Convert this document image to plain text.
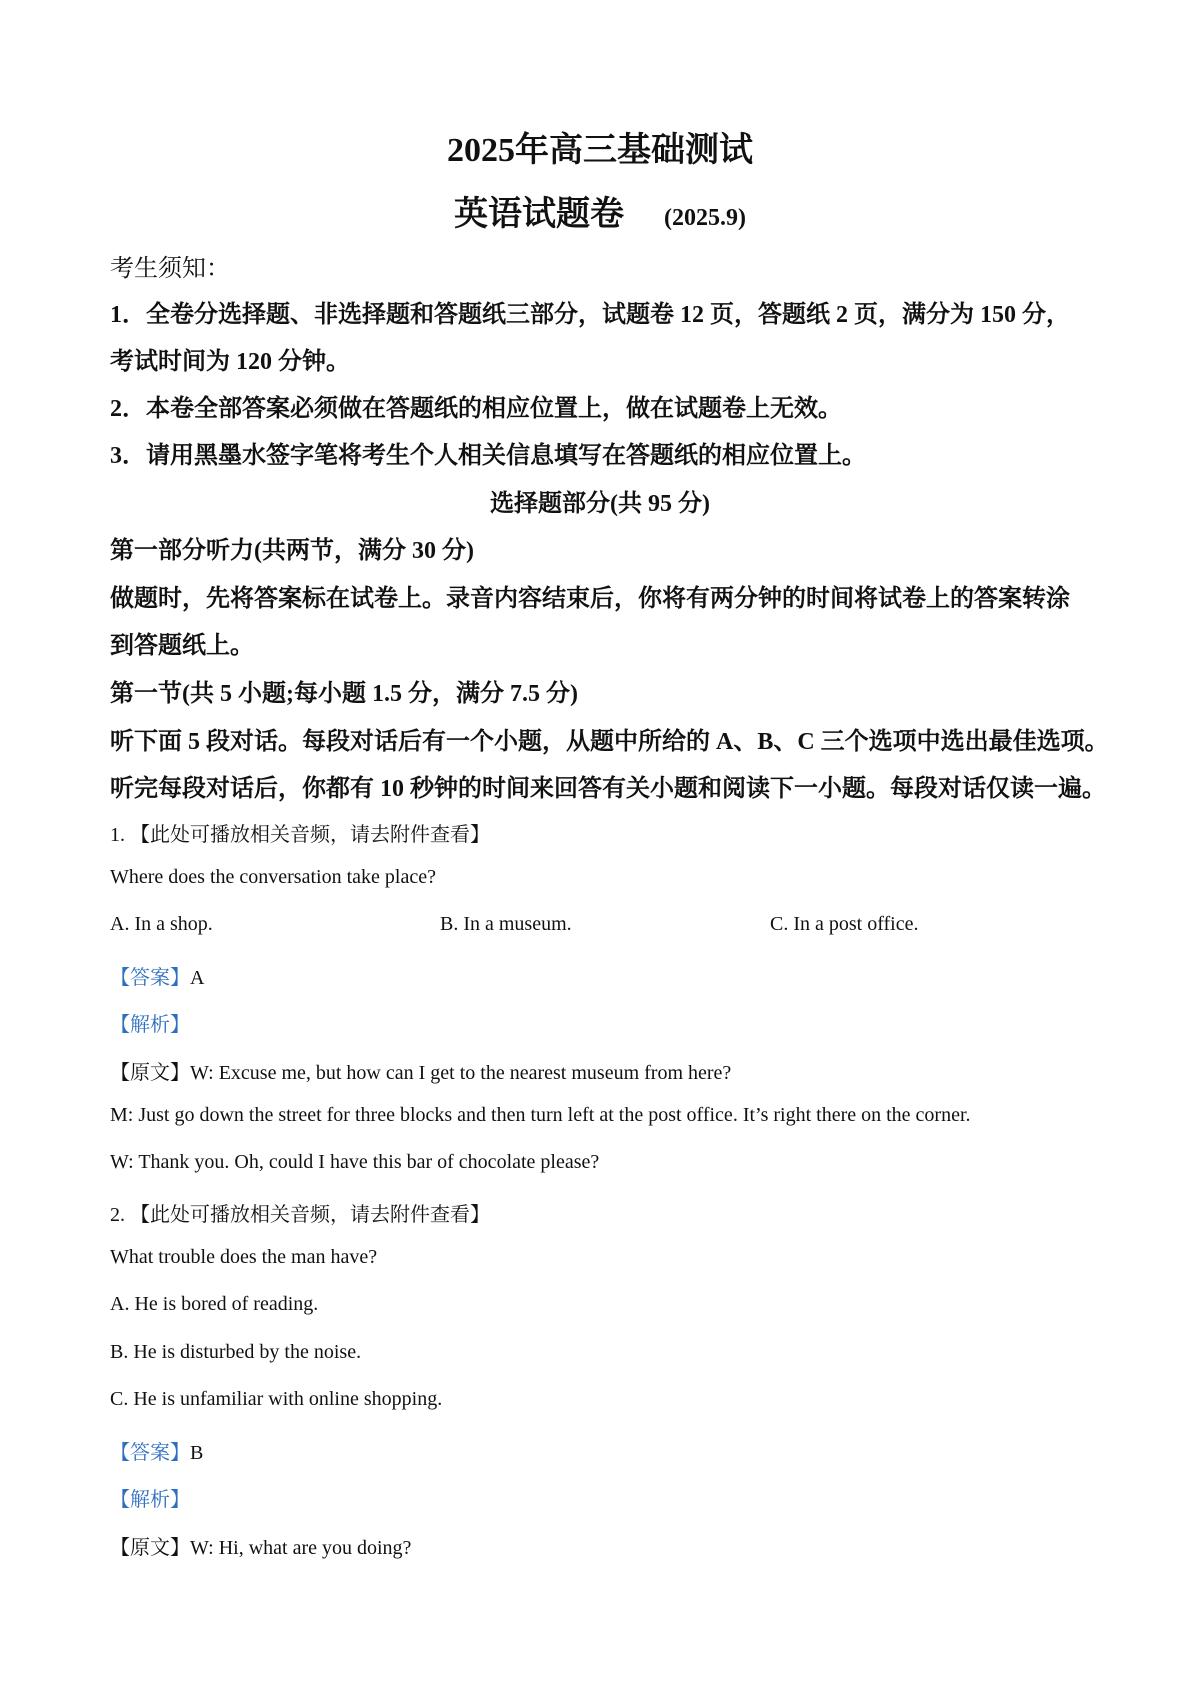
2025年高三基础测试
英语试题卷 (2025.9)
考生须知：
1．全卷分选择题、非选择题和答题纸三部分，试题卷 12 页，答题纸 2 页，满分为 150 分，
考试时间为 120 分钟。
2．本卷全部答案必须做在答题纸的相应位置上，做在试题卷上无效。
3．请用黑墨水签字笔将考生个人相关信息填写在答题纸的相应位置上。
选择题部分(共 95 分)
第一部分听力(共两节，满分 30 分)
做题时，先将答案标在试卷上。录音内容结束后，你将有两分钟的时间将试卷上的答案转涂
到答题纸上。
第一节(共 5 小题;每小题 1.5 分，满分 7.5 分)
听下面 5 段对话。每段对话后有一个小题，从题中所给的 A、B、C 三个选项中选出最佳选项。
听完每段对话后，你都有 10 秒钟的时间来回答有关小题和阅读下一小题。每段对话仅读一遍。
1. 【此处可播放相关音频，请去附件查看】
Where does the conversation take place?
A. In a shop.	B. In a museum.	C. In a post office.
【答案】A
【解析】
【原文】W: Excuse me, but how can I get to the nearest museum from here?
M: Just go down the street for three blocks and then turn left at the post office. It’s right there on the corner.
W: Thank you. Oh, could I have this bar of chocolate please?
2. 【此处可播放相关音频，请去附件查看】
What trouble does the man have?
A. He is bored of reading.
B. He is disturbed by the noise.
C. He is unfamiliar with online shopping.
【答案】B
【解析】
【原文】W: Hi, what are you doing?
